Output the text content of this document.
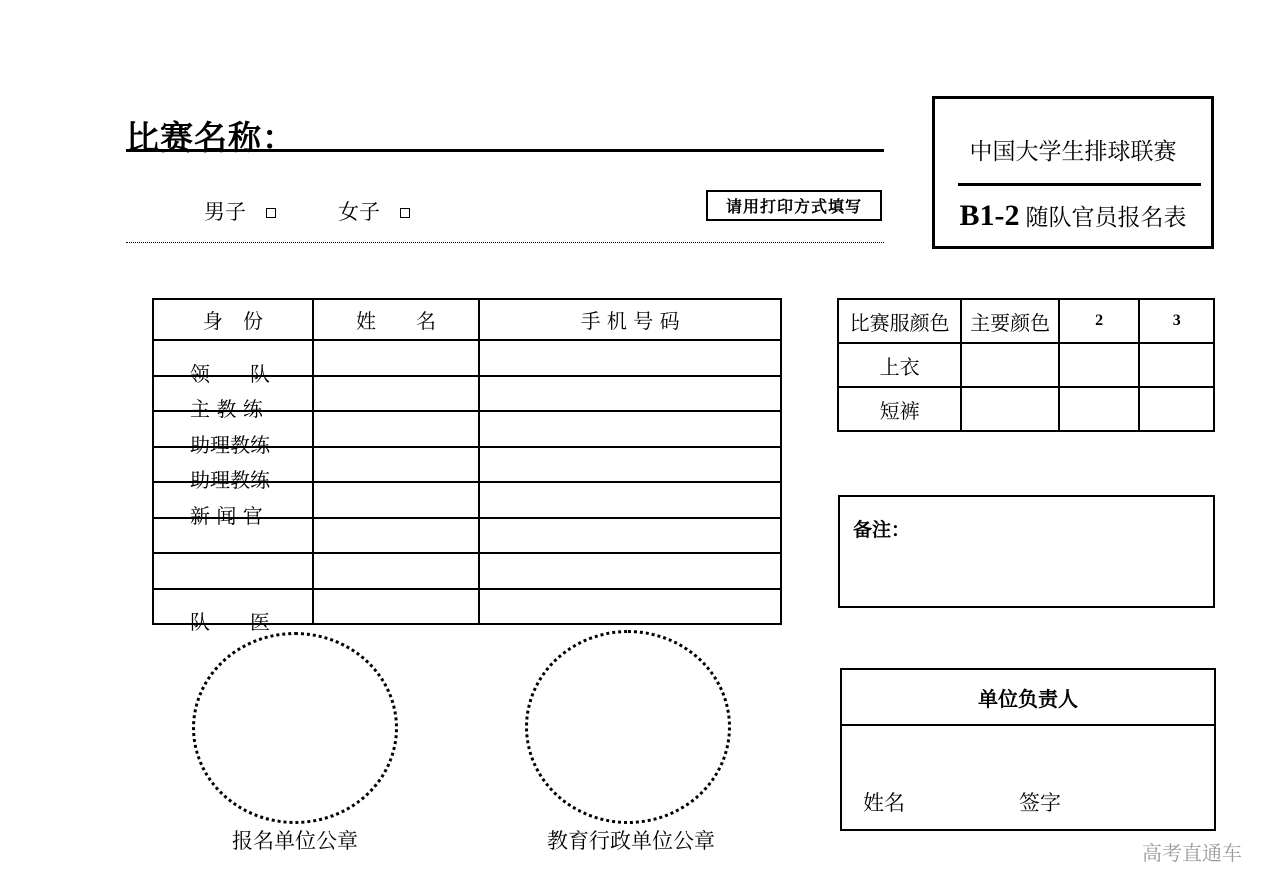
比赛名称：
男子	女子	请用打印方式填写
中国大学生排球联赛
B1-2 随队官员报名表
身　份	姓　　名	手 机 号 码

领　　队		

主 教 练		

助理教练		

助理教练		

新 闻 官		

队　　医		

比赛服颜色	主要颜色	2	3
上衣			
短裤			
备注：
单位负责人
姓名	签字
报名单位公章	教育行政单位公章	高考直通车
